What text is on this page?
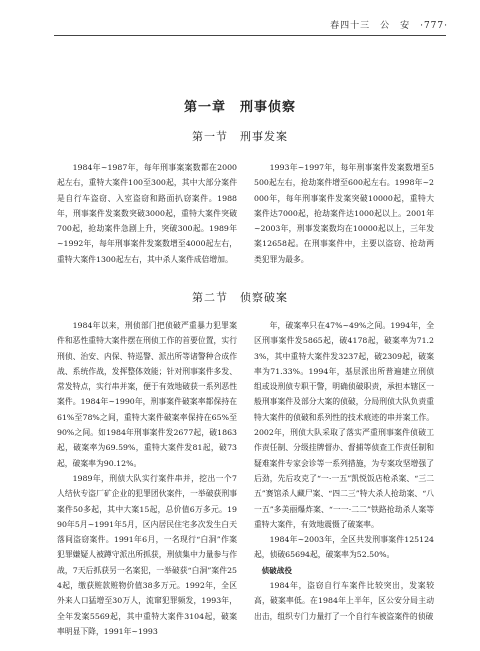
春四十三　公　安　·777·
第一章　刑事侦察
第一节　刑事发案

1984年~1987年，每年刑事案案数都在2000起左右，重特大案件100至300起，其中大部分案件是自行车盗窃、入室盗窃和路面扒窃案件。1988年，刑事案件发案数突破3000起，重特大案件突破700起，抢劫案件急剧上升，突破300起。1989年~1992年，每年刑事案件发案数增至4000起左右，重特大案件1300起左右，其中杀人案件成倍增加。

1993年~1997年，每年刑事案件发案数增至5500起左右，抢劫案件增至600起左右。1998年~2000年，每年刑事案件发案突破10000起，重特大案件达7000起，抢劫案件达1000起以上。2001年~2003年，刑事发案数均在10000起以上，三年发案12658起。在刑事案件中，主要以盗窃、抢劫两类犯罪为最多。

第二节　侦察破案

1984年以来，刑侦部门把侦破严重暴力犯罪案件和恶性重特大案件摆在刑侦工作的首要位置，实行刑侦、治安、内保、特巡警、派出所等诸警种合成作战、系统作战，发挥整体效能；针对刑事案件多发、常发特点，实行串并案，便于有效地破获一系列恶性案件。1984年~1990年，刑事案件破案率都保持在61%至78%之间，重特大案件破案率保持在65%至90%之间。如1984年刑事案件发2677起，破1863起，破案率为69.59%，重特大案件发81起，破73起，破案率为90.12%。

1989年，刑侦大队实行案件串并，挖出一个7人结伙专盗厂矿企业的犯罪团伙案件，一举破获刑事案件50多起，其中大案15起，总价值6万多元。1990年5月~1991年5月，区内居民住宅多次发生白天落间盗窃案件。1991年6月，一名现行“白洞”作案犯罪嫌疑人被蹲守派出所抓获，刑侦集中力量参与作战，7天后抓获另一名案犯，一举破获“白洞”案件254起，缴获赃款赃物价值38多万元。1992年，全区外来人口猛增至30万人，流窜犯罪频发，1993年，全年发案5569起，其中重特大案件3104起，破案率明显下降，1991年~1993

年，破案率只在47%~49%之间。1994年，全区刑事案件发5865起，破4178起，破案率为71.23%，其中重特大案件发3237起，破2309起，破案率为71.33%。1994年，基层派出所普遍建立刑侦组或设刑侦专职干警，明确侦破职责，承担本辖区一般刑事案件及部分大案的侦破，分局刑侦大队负责重特大案件的侦破和系列性的技术痕迹的串并案工作。2002年，刑侦大队采取了落实严重刑事案件侦破工作责任制、分级挂牌督办、督捕等侦查工作责任制和疑难案件专家会诊等一系列措施，为专案攻坚增强了后劲，先后攻克了“一·一五”凯悦饭店枪杀案、“三二五”赛馆杀人藏尸案、“四二三”特大杀人抢劫案、“八一五”多美丽爆炸案、“一一·二二”铁路抢劫杀人案等重特大案件，有效地震慑了破案率。

1984年~2003年，全区共发刑事案件125124起，侦破65694起，破案率为52.50%。

侦破战役

1984年，盗窃自行车案件比较突出，发案较高，破案率低。在1984年上半年，区公安分局主动出击，组织专门力量打了一个自行车被盗案件的侦破
